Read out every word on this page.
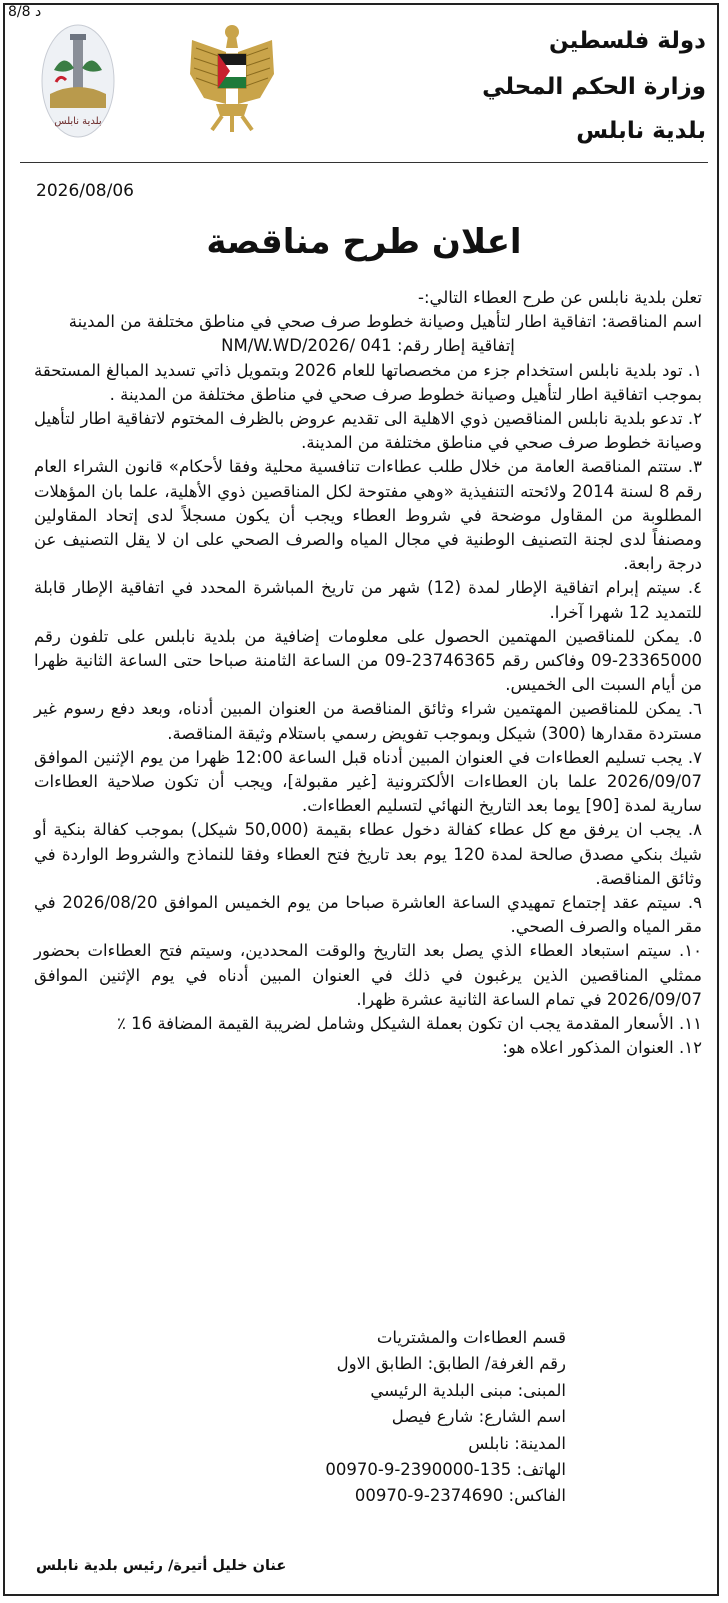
8/8 د
دولة فلسطين
وزارة الحكم المحلي
بلدية نابلس
بلدية نابلس
2026/08/06
اعلان طرح مناقصة

تعلن بلدية نابلس عن طرح العطاء التالي:-

اسم المناقصة: اتفاقية اطار لتأهيل وصيانة خطوط صرف صحي في مناطق مختلفة من المدينة

إتفاقية إطار رقم: NM/W.WD/2026/ 041

١. تود بلدية نابلس استخدام جزء من مخصصاتها للعام 2026 وبتمويل ذاتي تسديد المبالغ المستحقة بموجب اتفاقية اطار لتأهيل وصيانة خطوط صرف صحي في مناطق مختلفة من المدينة .

٢. تدعو بلدية نابلس المناقصين ذوي الاهلية الى تقديم عروض بالظرف المختوم لاتفاقية اطار لتأهيل وصيانة خطوط صرف صحي في مناطق مختلفة من المدينة.

٣. ستتم المناقصة العامة من خلال طلب عطاءات تنافسية محلية وفقا لأحكام» قانون الشراء العام رقم 8 لسنة 2014 ولائحته التنفيذية «وهي مفتوحة لكل المناقصين ذوي الأهلية، علما بان المؤهلات المطلوبة من المقاول موضحة في شروط العطاء ويجب أن يكون مسجلاً لدى إتحاد المقاولين ومصنفاً لدى لجنة التصنيف الوطنية في مجال المياه والصرف الصحي على ان لا يقل التصنيف عن درجة رابعة.

٤. سيتم إبرام اتفاقية الإطار لمدة (12) شهر من تاريخ المباشرة المحدد في اتفاقية الإطار قابلة للتمديد 12 شهرا آخرا.

٥. يمكن للمناقصين المهتمين الحصول على معلومات إضافية من بلدية نابلس على تلفون رقم 23365000-09 وفاكس رقم 23746365-09 من الساعة الثامنة صباحا حتى الساعة الثانية ظهرا من أيام السبت الى الخميس.

٦. يمكن للمناقصين المهتمين شراء وثائق المناقصة من العنوان المبين أدناه، وبعد دفع رسوم غير مستردة مقدارها (300) شيكل وبموجب تفويض رسمي باستلام وثيقة المناقصة.

٧. يجب تسليم العطاءات في العنوان المبين أدناه قبل الساعة 12:00 ظهرا من يوم الإثنين الموافق 2026/09/07 علما بان العطاءات الألكترونية [غير مقبولة]، ويجب أن تكون صلاحية العطاءات سارية لمدة [90] يوما بعد التاريخ النهائي لتسليم العطاءات.

٨. يجب ان يرفق مع كل عطاء كفالة دخول عطاء بقيمة (50,000 شيكل) بموجب كفالة بنكية أو شيك بنكي مصدق صالحة لمدة 120 يوم بعد تاريخ فتح العطاء وفقا للنماذج والشروط الواردة في وثائق المناقصة.

٩. سيتم عقد إجتماع تمهيدي الساعة العاشرة صباحا من يوم الخميس الموافق 2026/08/20 في مقر المياه والصرف الصحي.

١٠. سيتم استبعاد العطاء الذي يصل بعد التاريخ والوقت المحددين، وسيتم فتح العطاءات بحضور ممثلي المناقصين الذين يرغبون في ذلك في العنوان المبين أدناه في يوم الإثنين الموافق 2026/09/07 في تمام الساعة الثانية عشرة ظهرا.

١١. الأسعار المقدمة يجب ان تكون بعملة الشيكل وشامل لضريبة القيمة المضافة 16 ٪

١٢. العنوان المذكور اعلاه هو:

قسم العطاءات والمشتريات

رقم الغرفة/ الطابق: الطابق الاول

المبنى: مبنى البلدية الرئيسي

اسم الشارع: شارع فيصل

المدينة: نابلس

الهاتف: 135-2390000-9-00970

الفاكس: 2374690-9-00970

عنان خليل أتيرة/ رئيس بلدية نابلس
